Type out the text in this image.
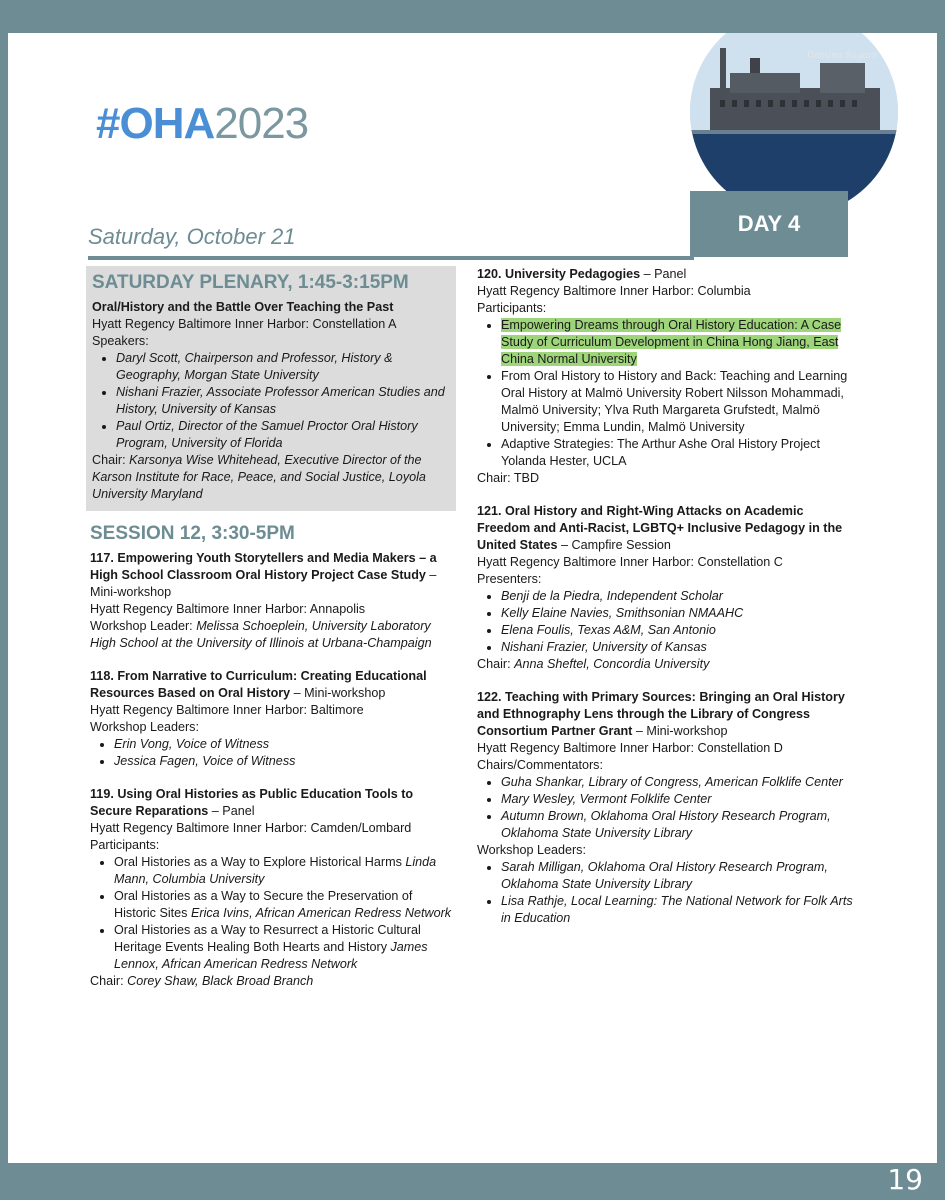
#OHA2023
Domino Sugars
Saturday, October 21
DAY 4
SATURDAY PLENARY, 1:45-3:15PM
Oral/History and the Battle Over Teaching the Past
Hyatt Regency Baltimore Inner Harbor: Constellation A
Speakers:
• Daryl Scott, Chairperson and Professor, History & Geography, Morgan State University
• Nishani Frazier, Associate Professor American Studies and History, University of Kansas
• Paul Ortiz, Director of the Samuel Proctor Oral History Program, University of Florida
Chair: Karsonya Wise Whitehead, Executive Director of the Karson Institute for Race, Peace, and Social Justice, Loyola University Maryland
SESSION 12, 3:30-5PM
117. Empowering Youth Storytellers and Media Makers – a High School Classroom Oral History Project Case Study – Mini-workshop
Hyatt Regency Baltimore Inner Harbor: Annapolis
Workshop Leader: Melissa Schoeplein, University Laboratory High School at the University of Illinois at Urbana-Champaign
118. From Narrative to Curriculum: Creating Educational Resources Based on Oral History – Mini-workshop
Hyatt Regency Baltimore Inner Harbor: Baltimore
Workshop Leaders:
• Erin Vong, Voice of Witness
• Jessica Fagen, Voice of Witness
119. Using Oral Histories as Public Education Tools to Secure Reparations – Panel
Hyatt Regency Baltimore Inner Harbor: Camden/Lombard
Participants:
• Oral Histories as a Way to Explore Historical Harms Linda Mann, Columbia University
• Oral Histories as a Way to Secure the Preservation of Historic Sites Erica Ivins, African American Redress Network
• Oral Histories as a Way to Resurrect a Historic Cultural Heritage Events Healing Both Hearts and History James Lennox, African American Redress Network
Chair: Corey Shaw, Black Broad Branch
120. University Pedagogies – Panel
Hyatt Regency Baltimore Inner Harbor: Columbia
Participants:
• Empowering Dreams through Oral History Education: A Case Study of Curriculum Development in China Hong Jiang, East China Normal University
• From Oral History to History and Back: Teaching and Learning Oral History at Malmö University Robert Nilsson Mohammadi, Malmö University; Ylva Ruth Margareta Grufstedt, Malmö University; Emma Lundin, Malmö University
• Adaptive Strategies: The Arthur Ashe Oral History Project Yolanda Hester, UCLA
Chair: TBD
121. Oral History and Right-Wing Attacks on Academic Freedom and Anti-Racist, LGBTQ+ Inclusive Pedagogy in the United States – Campfire Session
Hyatt Regency Baltimore Inner Harbor: Constellation C
Presenters:
• Benji de la Piedra, Independent Scholar
• Kelly Elaine Navies, Smithsonian NMAAHC
• Elena Foulis, Texas A&M, San Antonio
• Nishani Frazier, University of Kansas
Chair: Anna Sheftel, Concordia University
122. Teaching with Primary Sources: Bringing an Oral History and Ethnography Lens through the Library of Congress Consortium Partner Grant – Mini-workshop
Hyatt Regency Baltimore Inner Harbor: Constellation D
Chairs/Commentators:
• Guha Shankar, Library of Congress, American Folklife Center
• Mary Wesley, Vermont Folklife Center
• Autumn Brown, Oklahoma Oral History Research Program, Oklahoma State University Library
Workshop Leaders:
• Sarah Milligan, Oklahoma Oral History Research Program, Oklahoma State University Library
• Lisa Rathje, Local Learning: The National Network for Folk Arts in Education
19
